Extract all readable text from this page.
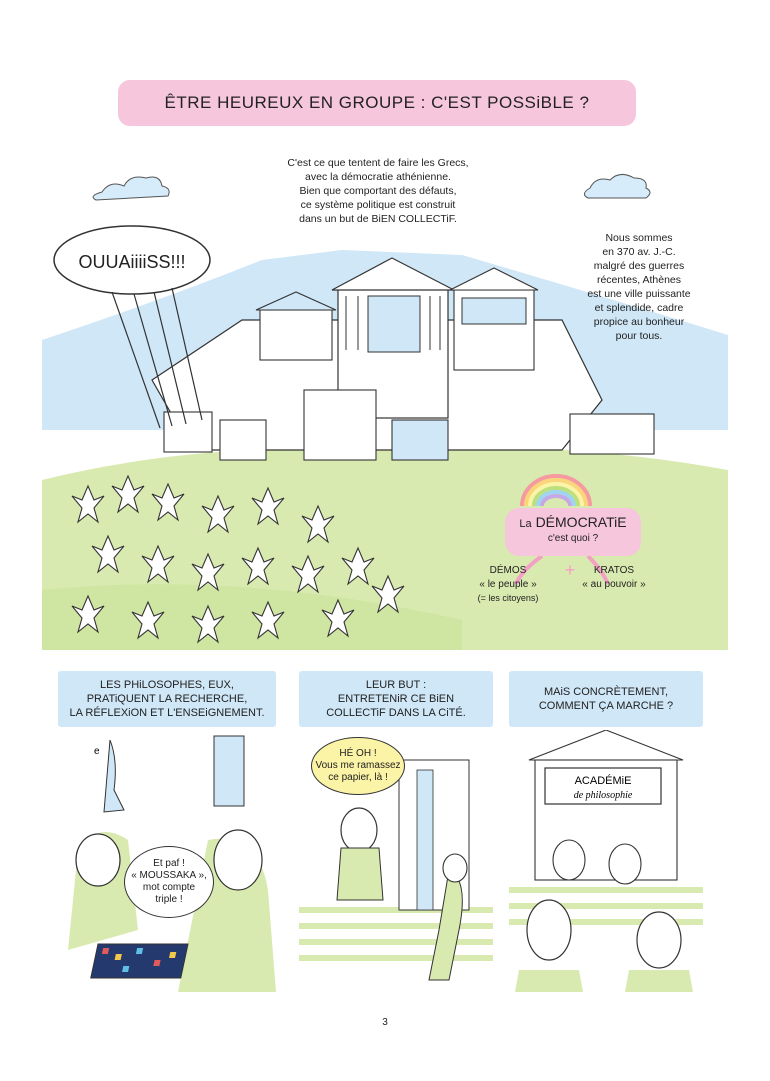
ÊTRE HEUREUX EN GROUPE : C'EST POSSiBLE ?
C'est ce que tentent de faire les Grecs,
avec la démocratie athénienne.
Bien que comportant des défauts,
ce système politique est construit
dans un but de BiEN COLLECTiF.
OUUAiiiiSS!!!
Nous sommes
en 370 av. J.-C.
malgré des guerres
récentes, Athènes
est une ville puissante
et splendide, cadre
propice au bonheur
pour tous.
La DÉMOCRATiE
c'est quoi ?
DÉMOS
« le peuple »
(= les citoyens)
+	KRATOS
« au pouvoir »
LES PHiLOSOPHES, EUX,
PRATiQUENT LA RECHERCHE,
LA RÉFLEXiON ET L'ENSEiGNEMENT.
e
Et paf !
« MOUSSAKA »,
mot compte
triple !
LEUR BUT :
ENTRETENiR CE BiEN
COLLECTiF DANS LA CiTÉ.
HÉ OH !
Vous me ramassez
ce papier, là !
MAiS CONCRÈTEMENT,
COMMENT ÇA MARCHE ?
ACADÉMiE
de philosophie
3
